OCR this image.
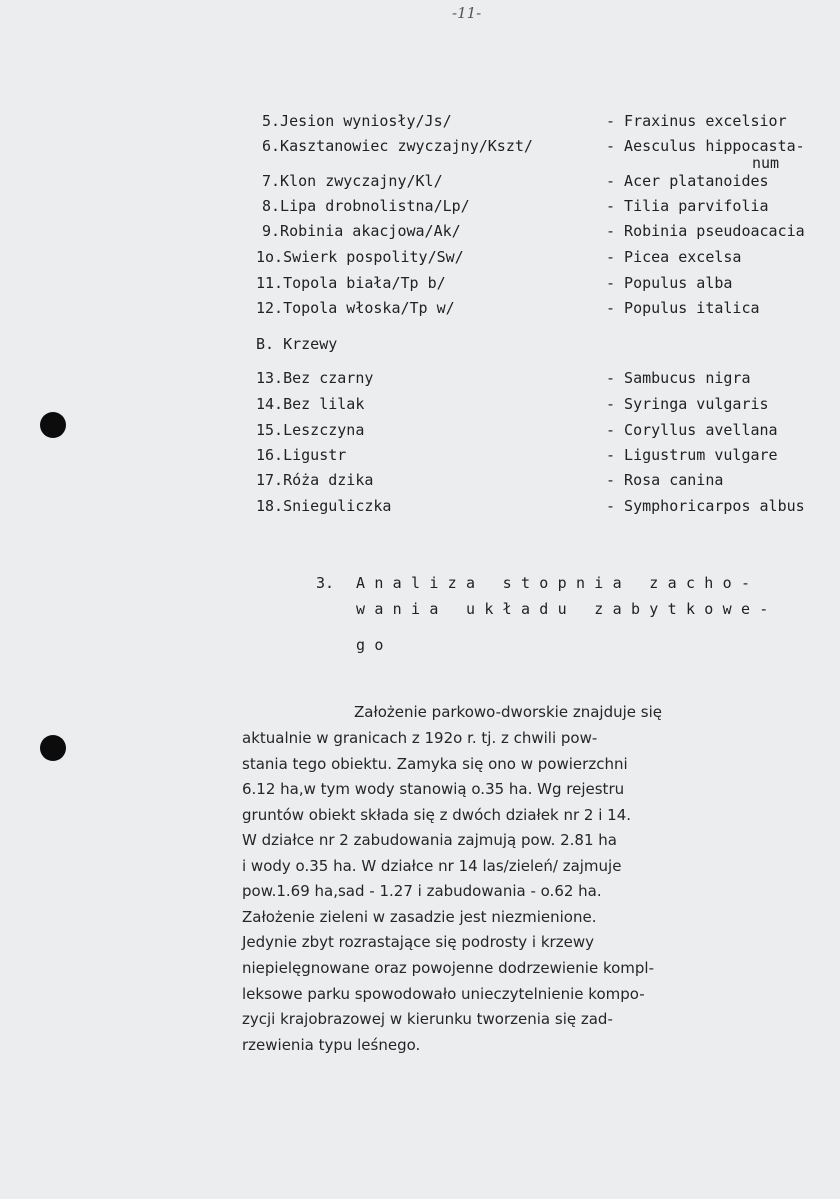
-11-
5.Jesion wyniosły/Js/	- Fraxinus excelsior
6.Kasztanowiec zwyczajny/Kszt/	- Aesculus hippocasta-
num
7.Klon zwyczajny/Kl/	- Acer platanoides
8.Lipa drobnolistna/Lp/	- Tilia parvifolia
9.Robinia akacjowa/Ak/	- Robinia pseudoacacia
1o.Swierk pospolity/Sw/	- Picea excelsa
11.Topola biała/Tp b/	- Populus alba
12.Topola włoska/Tp w/	- Populus italica
B. Krzewy
13.Bez czarny	- Sambucus nigra
14.Bez lilak	- Syringa vulgaris
15.Leszczyna	- Coryllus avellana
16.Ligustr	- Ligustrum vulgare
17.Róża dzika	- Rosa canina
18.Snieguliczka	- Symphoricarpos albus
3. Analiza stopnia zacho-
wania układu zabytkowe-
go
Założenie parkowo-dworskie znajduje się
aktualnie w granicach z 192o r. tj. z chwili pow-
stania tego obiektu. Zamyka się ono w powierzchni
6.12 ha,w tym wody stanowią o.35 ha. Wg rejestru
gruntów obiekt składa się z dwóch działek nr 2 i 14.
W działce nr 2 zabudowania zajmują pow. 2.81 ha
i wody o.35 ha. W działce nr 14 las/zieleń/ zajmuje
pow.1.69 ha,sad - 1.27 i zabudowania - o.62 ha.
Założenie zieleni w zasadzie jest niezmienione.
Jedynie zbyt rozrastające się podrosty i krzewy
niepielęgnowane oraz powojenne dodrzewienie kompl-
leksowe parku spowodowało unieczytelnienie kompo-
zycji krajobrazowej w kierunku tworzenia się zad-
rzewienia typu leśnego.
